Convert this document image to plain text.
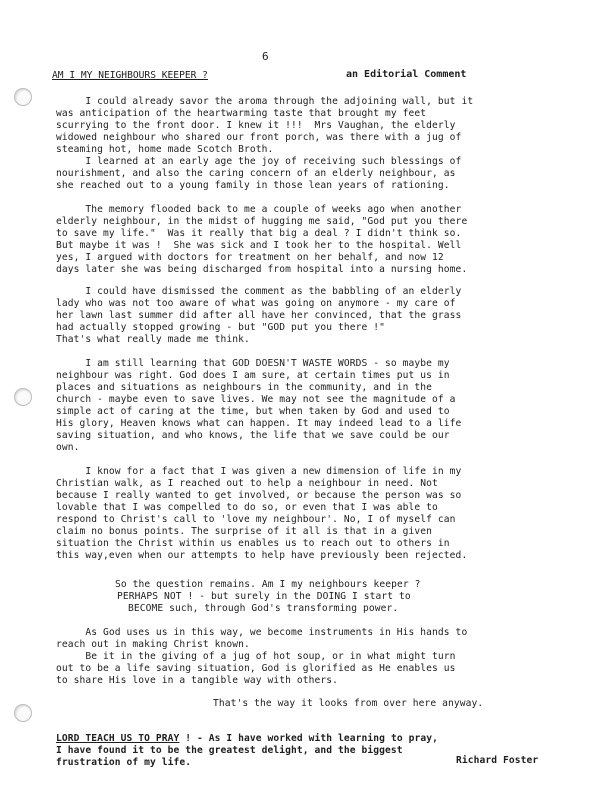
6
AM I MY NEIGHBOURS KEEPER ?	an Editorial Comment
I could already savor the aroma through the adjoining wall, but it
was anticipation of the heartwarming taste that brought my feet
scurrying to the front door. I knew it !!!  Mrs Vaughan, the elderly
widowed neighbour who shared our front porch, was there with a jug of
steaming hot, home made Scotch Broth.
I learned at an early age the joy of receiving such blessings of
nourishment, and also the caring concern of an elderly neighbour, as
she reached out to a young family in those lean years of rationing.
The memory flooded back to me a couple of weeks ago when another
elderly neighbour, in the midst of hugging me said, "God put you there
to save my life."  Was it really that big a deal ? I didn't think so.
But maybe it was !  She was sick and I took her to the hospital. Well
yes, I argued with doctors for treatment on her behalf, and now 12
days later she was being discharged from hospital into a nursing home.
I could have dismissed the comment as the babbling of an elderly
lady who was not too aware of what was going on anymore - my care of
her lawn last summer did after all have her convinced, that the grass
had actually stopped growing - but "GOD put you there !"
That's what really made me think.
I am still learning that GOD DOESN'T WASTE WORDS - so maybe my
neighbour was right. God does I am sure, at certain times put us in
places and situations as neighbours in the community, and in the
church - maybe even to save lives. We may not see the magnitude of a
simple act of caring at the time, but when taken by God and used to
His glory, Heaven knows what can happen. It may indeed lead to a life
saving situation, and who knows, the life that we save could be our
own.
I know for a fact that I was given a new dimension of life in my
Christian walk, as I reached out to help a neighbour in need. Not
because I really wanted to get involved, or because the person was so
lovable that I was compelled to do so, or even that I was able to
respond to Christ's call to 'love my neighbour'. No, I of myself can
claim no bonus points. The surprise of it all is that in a given
situation the Christ within us enables us to reach out to others in
this way,even when our attempts to help have previously been rejected.
So the question remains. Am I my neighbours keeper ?
PERHAPS NOT ! - but surely in the DOING I start to
BECOME such, through God's transforming power.
As God uses us in this way, we become instruments in His hands to
reach out in making Christ known.
Be it in the giving of a jug of hot soup, or in what might turn
out to be a life saving situation, God is glorified as He enables us
to share His love in a tangible way with others.
That's the way it looks from over here anyway.
LORD TEACH US TO PRAY ! - As I have worked with learning to pray,
I have found it to be the greatest delight, and the biggest
frustration of my life.	Richard Foster
